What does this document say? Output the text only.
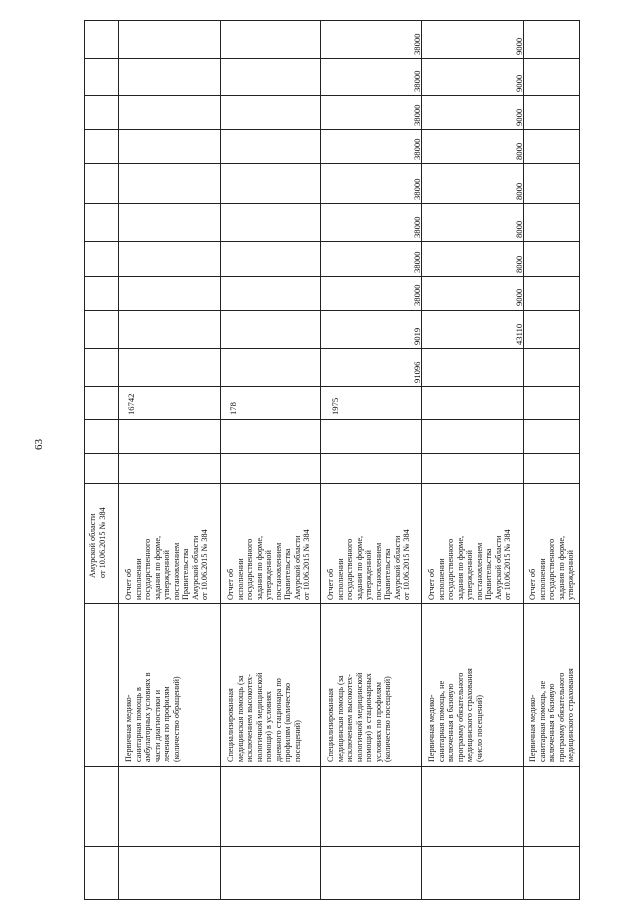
63
Амурской области
от 10.06.2015 № 384
Первичная медико-
санитарная помощь в
амбулаторных условиях в
части диагностики и
лечения по профилям
(количество обращений)
Отчет об
исполнении
государственного
задания по форме,
утвержденной
постановлением
Правительства
Амурской области
от 10.06.2015 № 384
16742
Специализированная
медицинская помощь (за
исключением высокотех-
нологичной медицинской
помощи) в условиях
дневного стационара по
профилям (количество
посещений)
Отчет об
исполнении
государственного
задания по форме,
утвержденной
постановлением
Правительства
Амурской области
от 10.06.2015 № 384
178
Специализированная
медицинская помощь (за
исключением высокотех-
нологичной медицинской
помощи) в стационарных
условиях по профилям
(количество посещений)
Отчет об
исполнении
государственного
задания по форме,
утвержденной
постановлением
Правительства
Амурской области
от 10.06.2015 № 384
1975
Первичная медико-
санитарная помощь, не
включенная в базовую
программу обязательного
медицинского страхования
(число посещений)
Отчет об
исполнении
государственного
задания по форме,
утвержденной
постановлением
Правительства
Амурской области
от 10.06.2015 № 384
91096
9019
38000
38000
38000
38000
38000
38000
38000
38000
Первичная медико-
санитарная помощь, не
включенная в базовую
программу обязательного
медицинского страхования
Отчет об
исполнении
государственного
задания по форме,
утвержденной
43110
9000
8000
8000
8000
8000
9000
9000
9000
